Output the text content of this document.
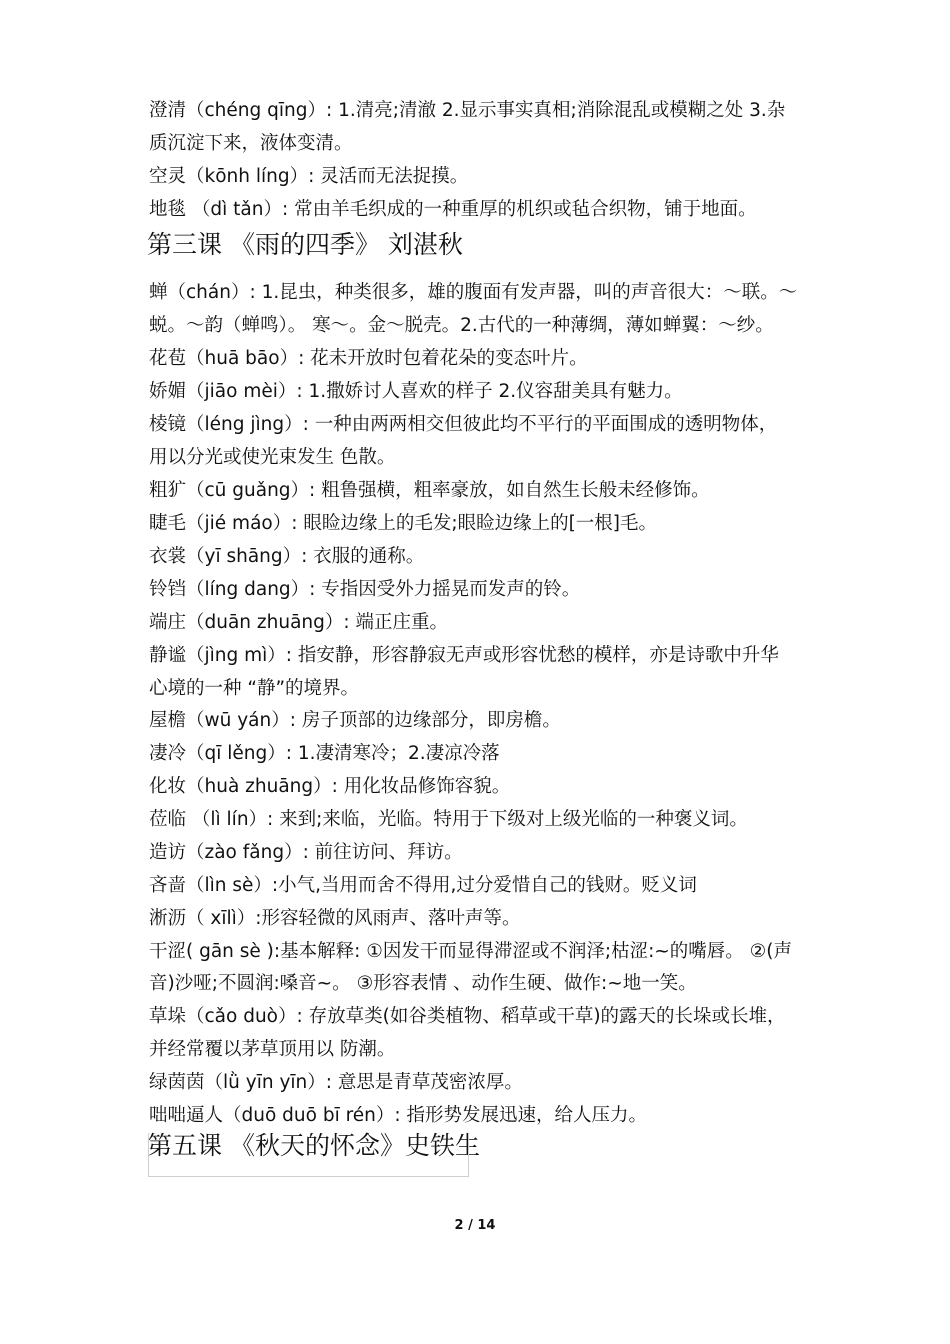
澄清（chéng qīng）: 1.清亮;清澈 2.显示事实真相;消除混乱或模糊之处 3.杂
质沉淀下来，液体变清。
空灵（kōnh líng）: 灵活而无法捉摸。
地毯 （dì tǎn）: 常由羊毛织成的一种重厚的机织或毡合织物，铺于地面。
第三课 《雨的四季》 刘湛秋
蝉（chán）: 1.昆虫，种类很多，雄的腹面有发声器，叫的声音很大：～联。～
蜕。～韵（蝉鸣）。 寒～。金～脱壳。2.古代的一种薄绸，薄如蝉翼：～纱。
花苞（huā bāo）: 花未开放时包着花朵的变态叶片。
娇媚（jiāo mèi）: 1.撒娇讨人喜欢的样子 2.仪容甜美具有魅力。
棱镜（léng jìng）: 一种由两两相交但彼此均不平行的平面围成的透明物体，
用以分光或使光束发生 色散。
粗犷（cū guǎng）: 粗鲁强横，粗率豪放，如自然生长般未经修饰。
睫毛（jié máo）: 眼睑边缘上的毛发;眼睑边缘上的[一根]毛。
衣裳（yī shāng）: 衣服的通称。
铃铛（líng dang）: 专指因受外力摇晃而发声的铃。
端庄（duān zhuāng）: 端正庄重。
静谧（jìng mì）: 指安静，形容静寂无声或形容忧愁的模样，亦是诗歌中升华
心境的一种 “静”的境界。
屋檐（wū yán）: 房子顶部的边缘部分，即房檐。
凄冷（qī lěng）: 1.凄清寒冷；2.凄凉冷落
化妆（huà zhuāng）: 用化妆品修饰容貌。
莅临 （lì lín）: 来到;来临，光临。特用于下级对上级光临的一种褒义词。
造访（zào fǎng）: 前往访问、拜访。
吝啬（lìn sè）:小气,当用而舍不得用,过分爱惜自己的钱财。贬义词
淅沥（ xīlì）:形容轻微的风雨声、落叶声等。
干涩( gān sè ):基本解释: ①因发干而显得滞涩或不润泽;枯涩:~的嘴唇。 ②(声
音)沙哑;不圆润:嗓音~。 ③形容表情 、动作生硬、做作:~地一笑。
草垛（cǎo duò）: 存放草类(如谷类植物、稻草或干草)的露天的长垛或长堆，
并经常覆以茅草顶用以 防潮。
绿茵茵（lǜ yīn yīn）: 意思是青草茂密浓厚。
咄咄逼人（duō duō bī rén）: 指形势发展迅速，给人压力。
第五课 《秋天的怀念》史铁生
2 / 14
